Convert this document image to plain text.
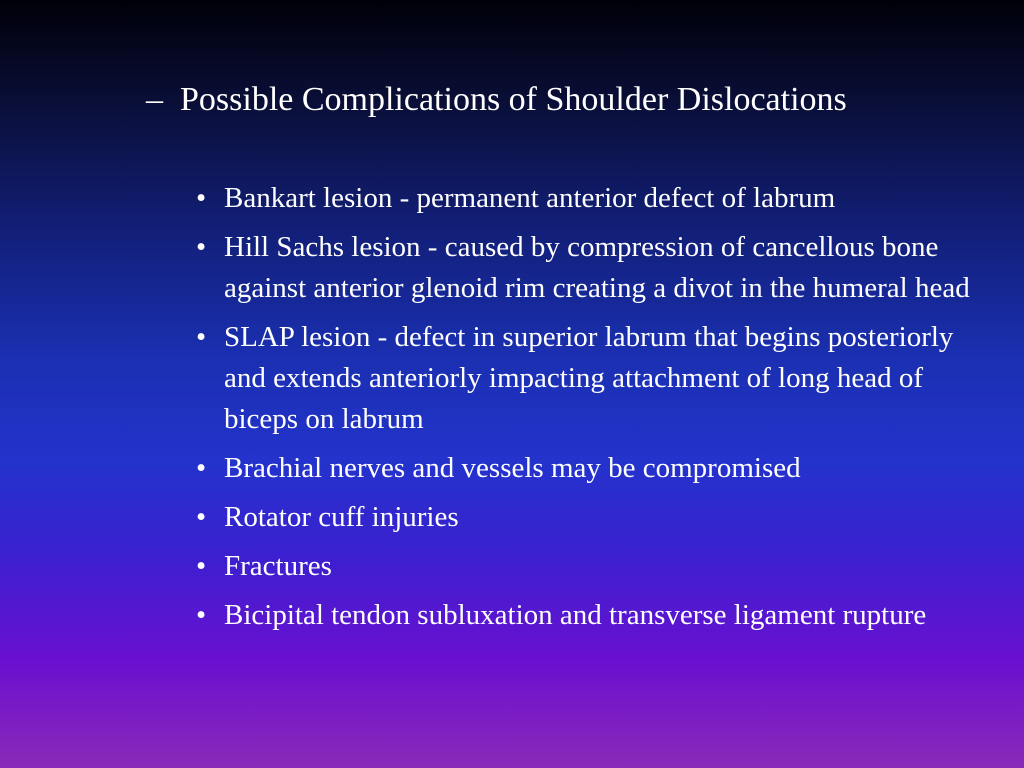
– Possible Complications of Shoulder Dislocations
• Bankart lesion - permanent anterior defect of labrum
• Hill Sachs lesion - caused by compression of cancellous bone against anterior glenoid rim creating a divot in the humeral head
• SLAP lesion - defect in superior labrum that begins posteriorly and extends anteriorly impacting attachment of long head of biceps on labrum
• Brachial nerves and vessels may be compromised
• Rotator cuff injuries
• Fractures
• Bicipital tendon subluxation and transverse ligament rupture
